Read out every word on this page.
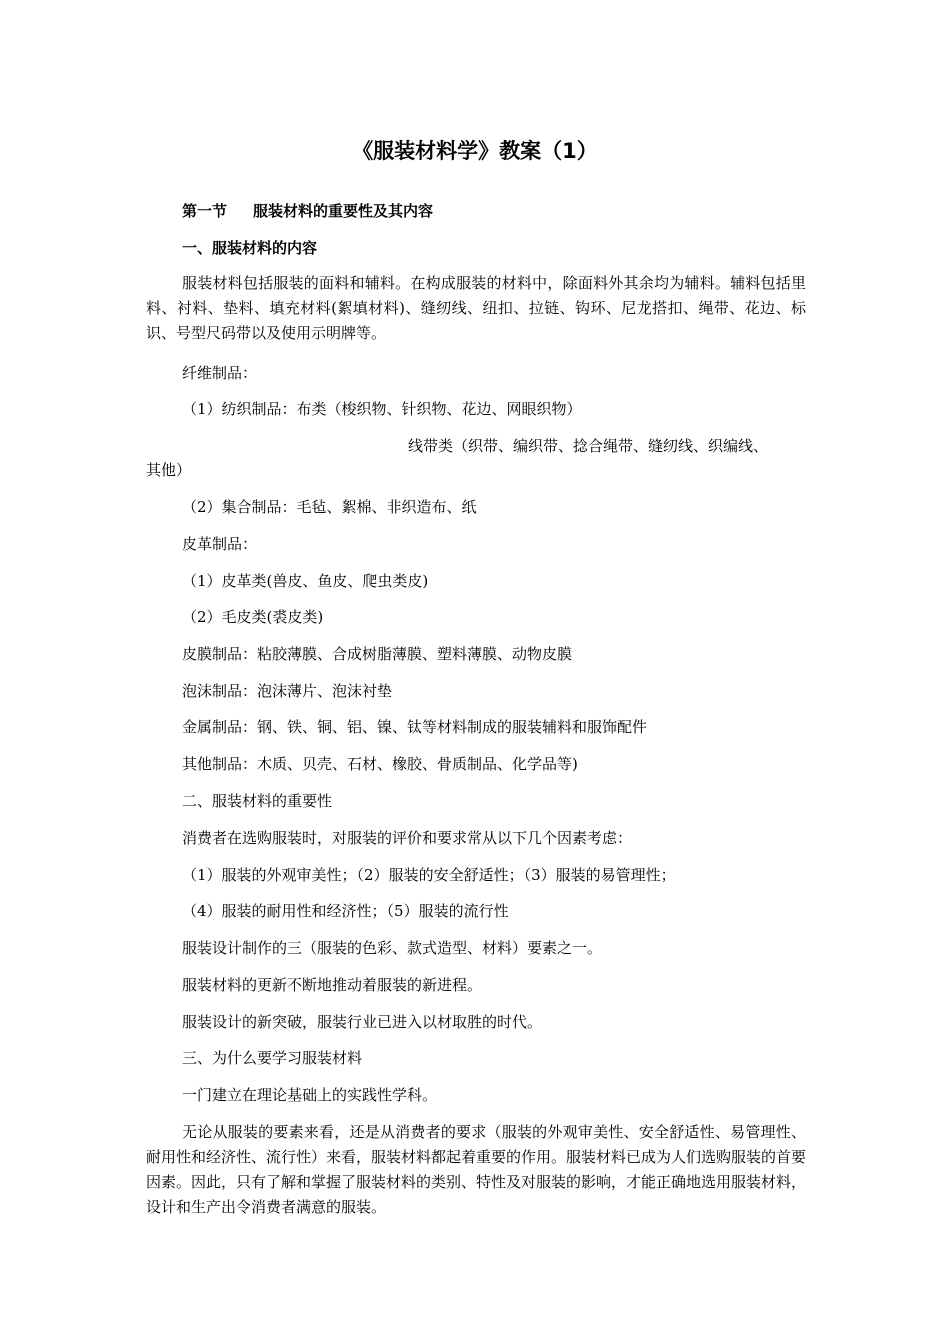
《服装材料学》教案（1）
第一节 服装材料的重要性及其内容
一、服装材料的内容
服装材料包括服装的面料和辅料。在构成服装的材料中，除面料外其余均为辅料。辅料包括里料、衬料、垫料、填充材料(絮填材料)、缝纫线、纽扣、拉链、钩环、尼龙搭扣、绳带、花边、标识、号型尺码带以及使用示明牌等。
纤维制品：
（1）纺织制品：布类（梭织物、针织物、花边、网眼织物）
线带类（织带、编织带、捻合绳带、缝纫线、织编线、
其他）
（2）集合制品：毛毡、絮棉、非织造布、纸
皮革制品：
（1）皮革类(兽皮、鱼皮、爬虫类皮)
（2）毛皮类(裘皮类)
皮膜制品：粘胶薄膜、合成树脂薄膜、塑料薄膜、动物皮膜
泡沫制品：泡沫薄片、泡沫衬垫
金属制品：钢、铁、铜、铝、镍、钛等材料制成的服装辅料和服饰配件
其他制品：木质、贝壳、石材、橡胶、骨质制品、化学品等)
二、服装材料的重要性
消费者在选购服装时，对服装的评价和要求常从以下几个因素考虑：
（1）服装的外观审美性；（2）服装的安全舒适性；（3）服装的易管理性；
（4）服装的耐用性和经济性；（5）服装的流行性
服装设计制作的三（服装的色彩、款式造型、材料）要素之一。
服装材料的更新不断地推动着服装的新进程。
服装设计的新突破，服装行业已进入以材取胜的时代。
三、为什么要学习服装材料
一门建立在理论基础上的实践性学科。
无论从服装的要素来看，还是从消费者的要求（服装的外观审美性、安全舒适性、易管理性、耐用性和经济性、流行性）来看，服装材料都起着重要的作用。服装材料已成为人们选购服装的首要因素。因此，只有了解和掌握了服装材料的类别、特性及对服装的影响，才能正确地选用服装材料，设计和生产出令消费者满意的服装。
